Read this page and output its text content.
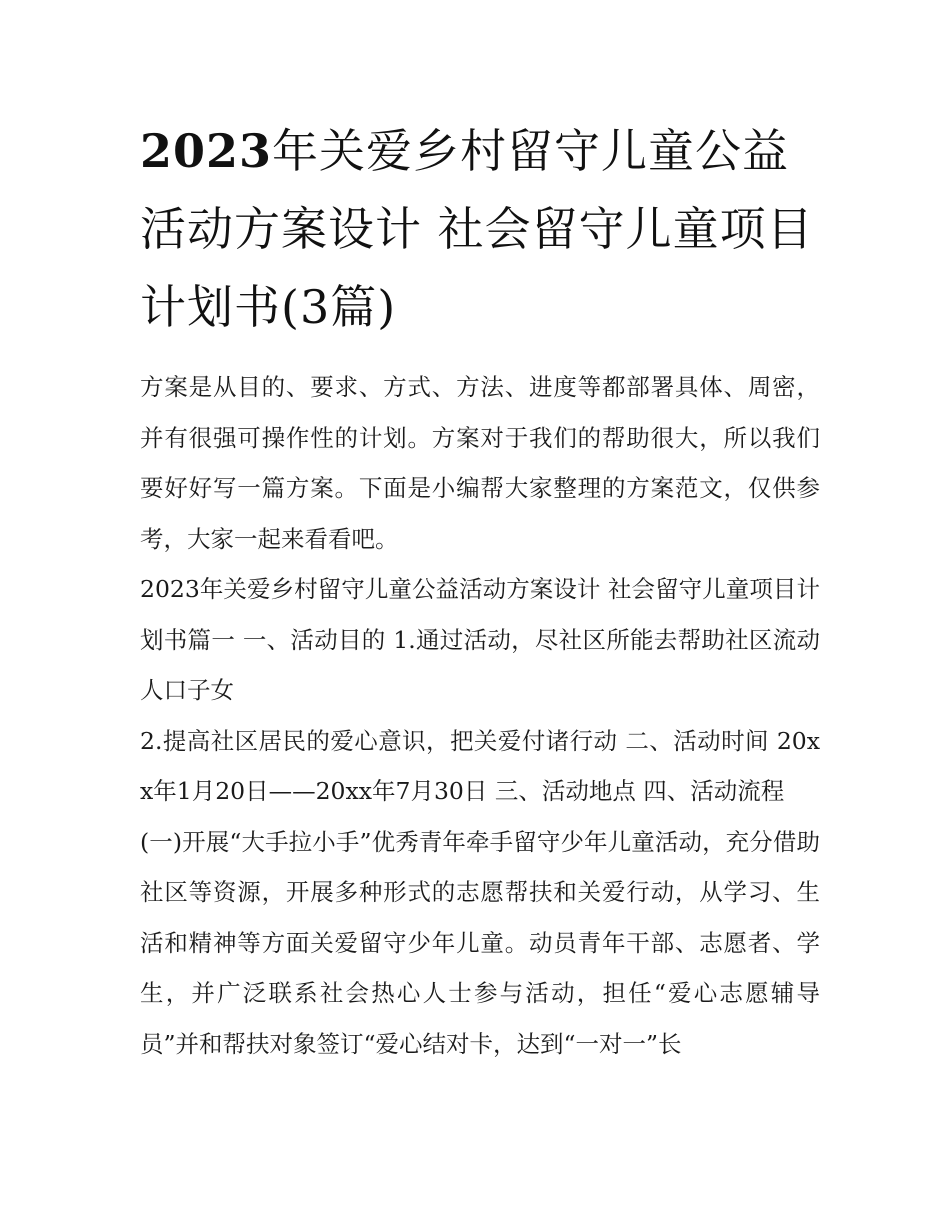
2023年关爱乡村留守儿童公益活动方案设计 社会留守儿童项目计划书(3篇)

方案是从目的、要求、方式、方法、进度等都部署具体、周密，并有很强可操作性的计划。方案对于我们的帮助很大，所以我们要好好写一篇方案。下面是小编帮大家整理的方案范文，仅供参考，大家一起来看看吧。

2023年关爱乡村留守儿童公益活动方案设计 社会留守儿童项目计划书篇一 一、活动目的 1.通过活动，尽社区所能去帮助社区流动人口子女

2.提高社区居民的爱心意识，把关爱付诸行动 二、活动时间 20xx年1月20日——20xx年7月30日 三、活动地点 四、活动流程

(一)开展“大手拉小手”优秀青年牵手留守少年儿童活动，充分借助社区等资源，开展多种形式的志愿帮扶和关爱行动，从学习、生活和精神等方面关爱留守少年儿童。动员青年干部、志愿者、学生，并广泛联系社会热心人士参与活动，担任“爱心志愿辅导员”并和帮扶对象签订“爱心结对卡，达到“一对一”长
